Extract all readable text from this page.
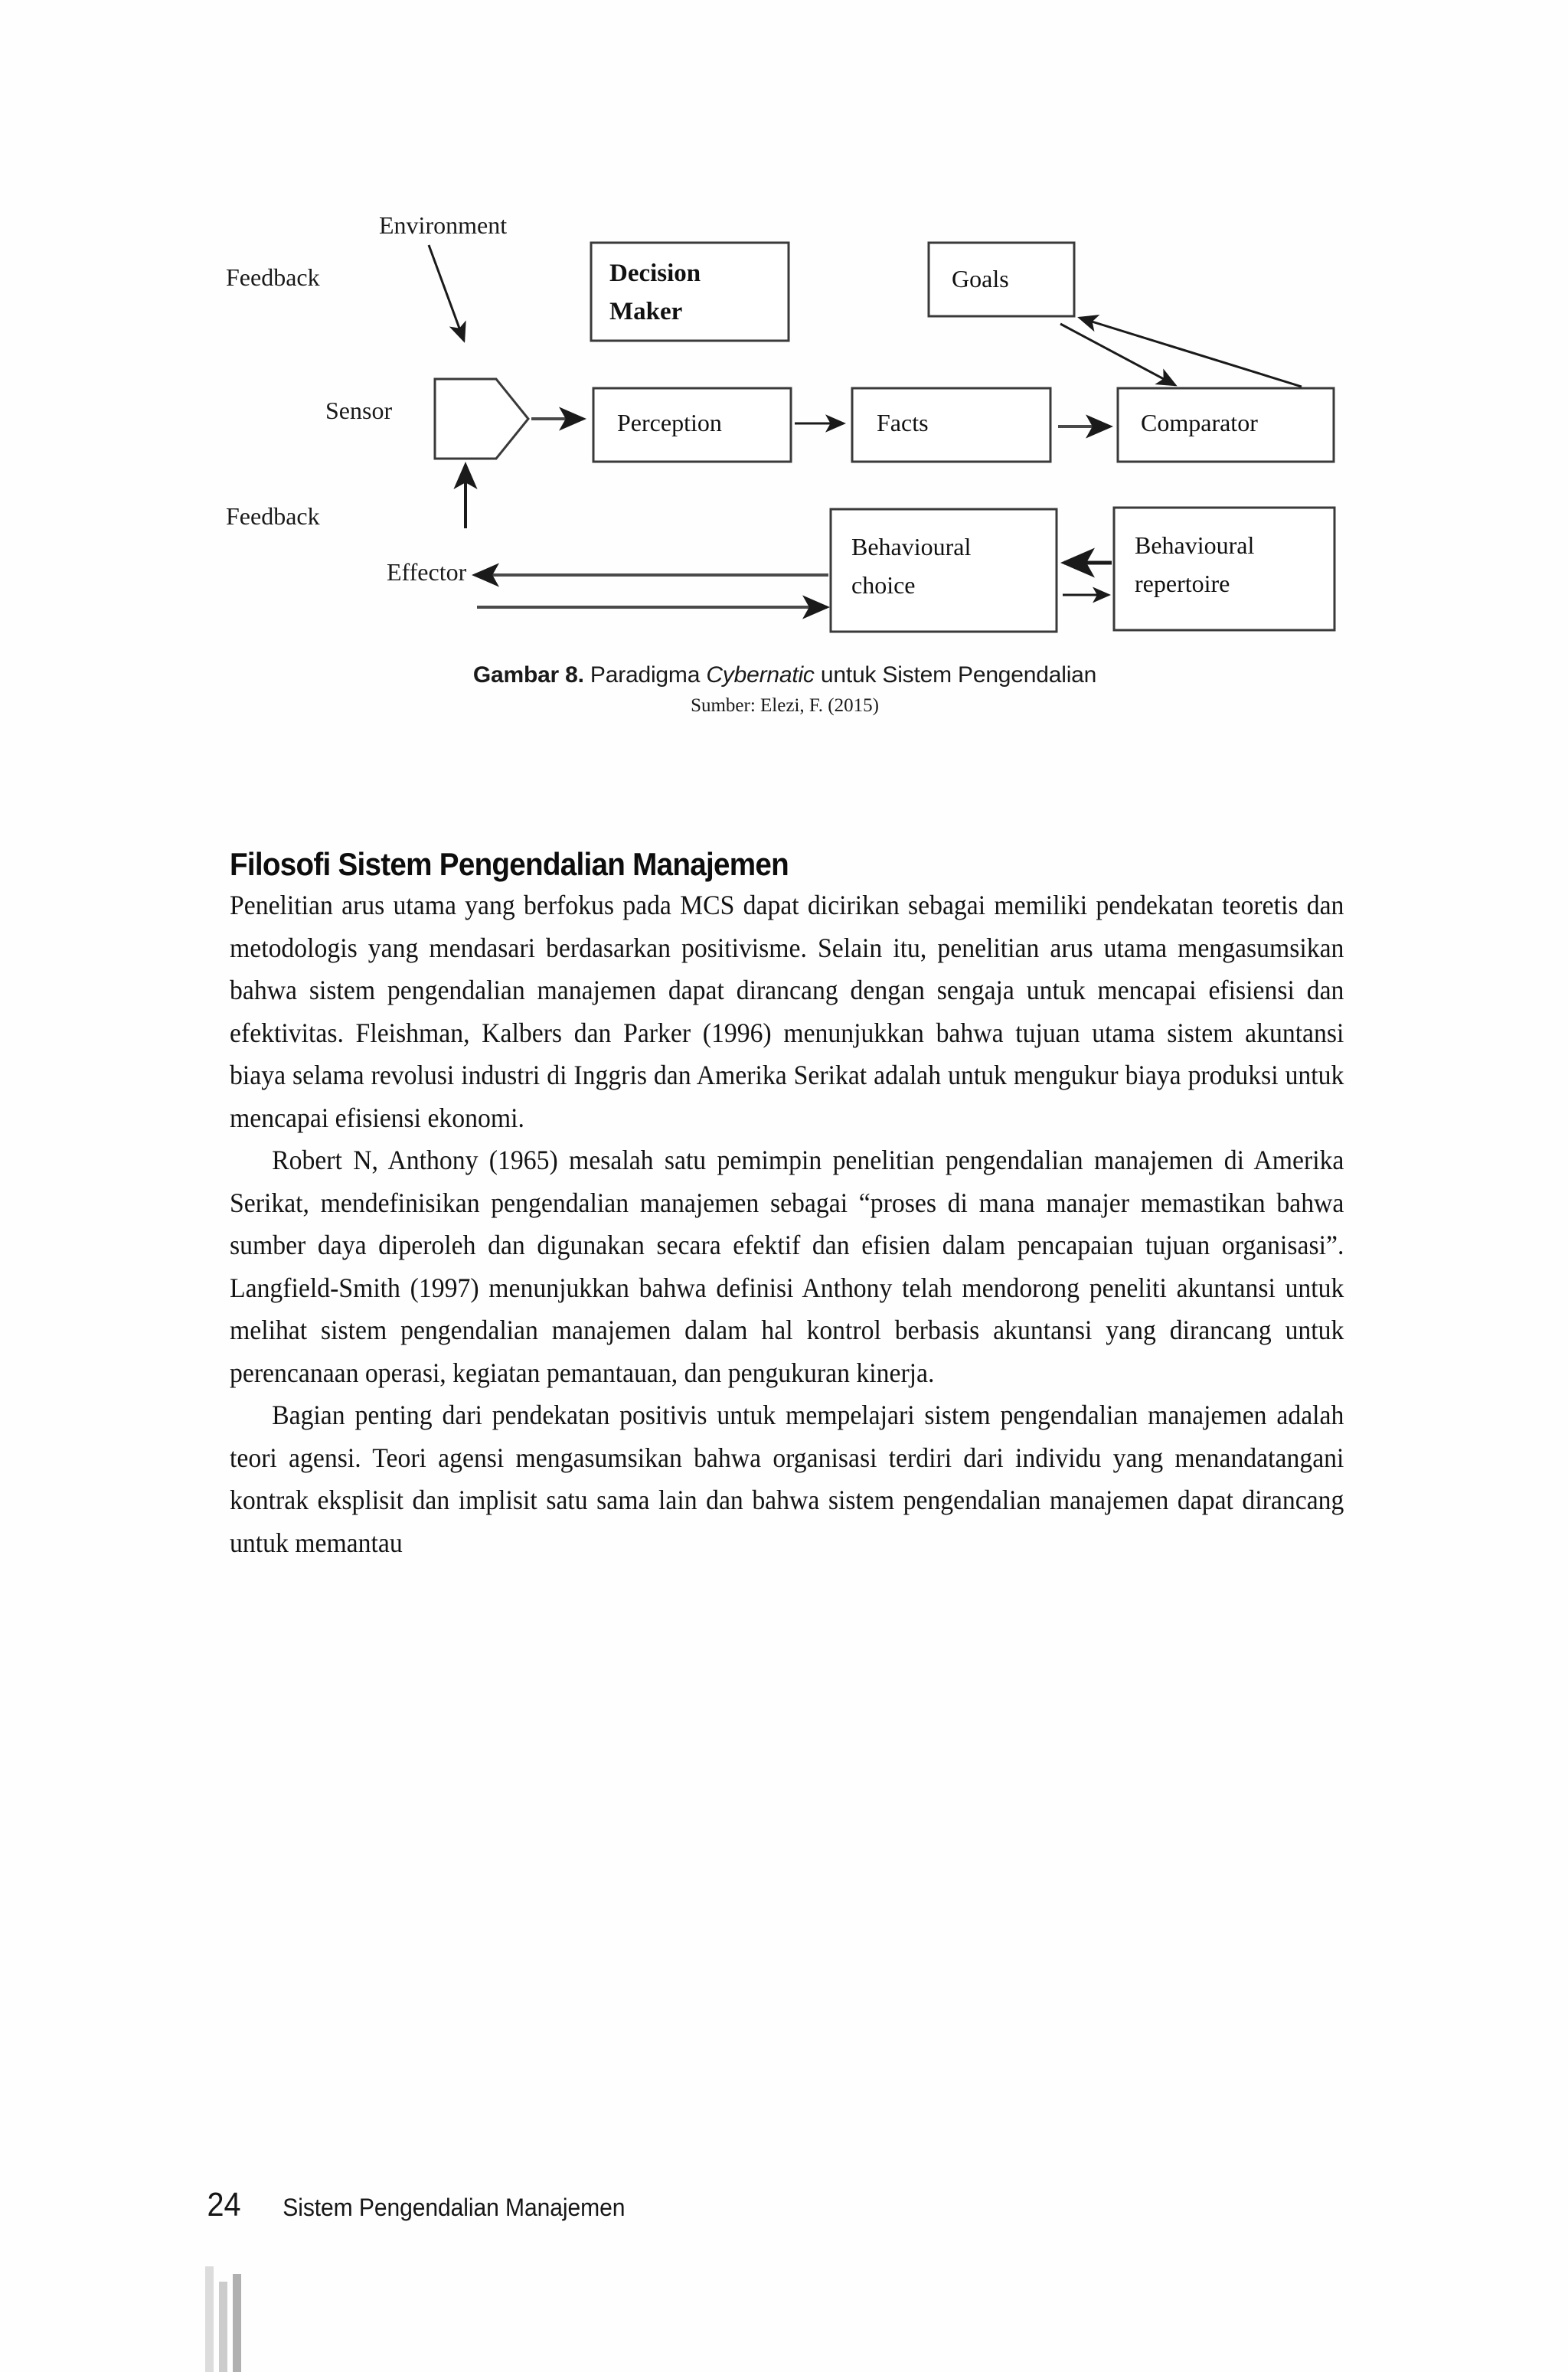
Environment
Feedback
Sensor
Feedback
Effector
Decision
Maker
Goals
Perception	Facts	Comparator
Behavioural
choice
Behavioural
repertoire
Gambar 8. Paradigma Cybernatic untuk Sistem Pengendalian
Sumber: Elezi, F. (2015)
Filosofi Sistem Pengendalian Manajemen

Penelitian arus utama yang berfokus pada MCS dapat dicirikan sebagai memiliki pendekatan teoretis dan metodologis yang mendasari berdasarkan positivisme. Selain itu, penelitian arus utama mengasumsikan bahwa sistem pengendalian manajemen dapat dirancang dengan sengaja untuk mencapai efisiensi dan efektivitas. Fleishman, Kalbers dan Parker (1996) menunjukkan bahwa tujuan utama sistem akuntansi biaya selama revolusi industri di Inggris dan Amerika Serikat adalah untuk mengukur biaya produksi untuk mencapai efisiensi ekonomi.

Robert N, Anthony (1965) mesalah satu pemimpin penelitian pengendalian manajemen di Amerika Serikat, mendefinisikan pengendalian manajemen sebagai “proses di mana manajer memastikan bahwa sumber daya diperoleh dan digunakan secara efektif dan efisien dalam pencapaian tujuan organisasi”. Langfield-Smith (1997) menunjukkan bahwa definisi Anthony telah mendorong peneliti akuntansi untuk melihat sistem pengendalian manajemen dalam hal kontrol berbasis akuntansi yang dirancang untuk perencanaan operasi, kegiatan pemantauan, dan pengukuran kinerja.

Bagian penting dari pendekatan positivis untuk mempelajari sistem pengendalian manajemen adalah teori agensi. Teori agensi mengasumsikan bahwa organisasi terdiri dari individu yang menandatangani kontrak eksplisit dan implisit satu sama lain dan bahwa sistem pengendalian manajemen dapat dirancang untuk memantau

24 Sistem Pengendalian Manajemen
